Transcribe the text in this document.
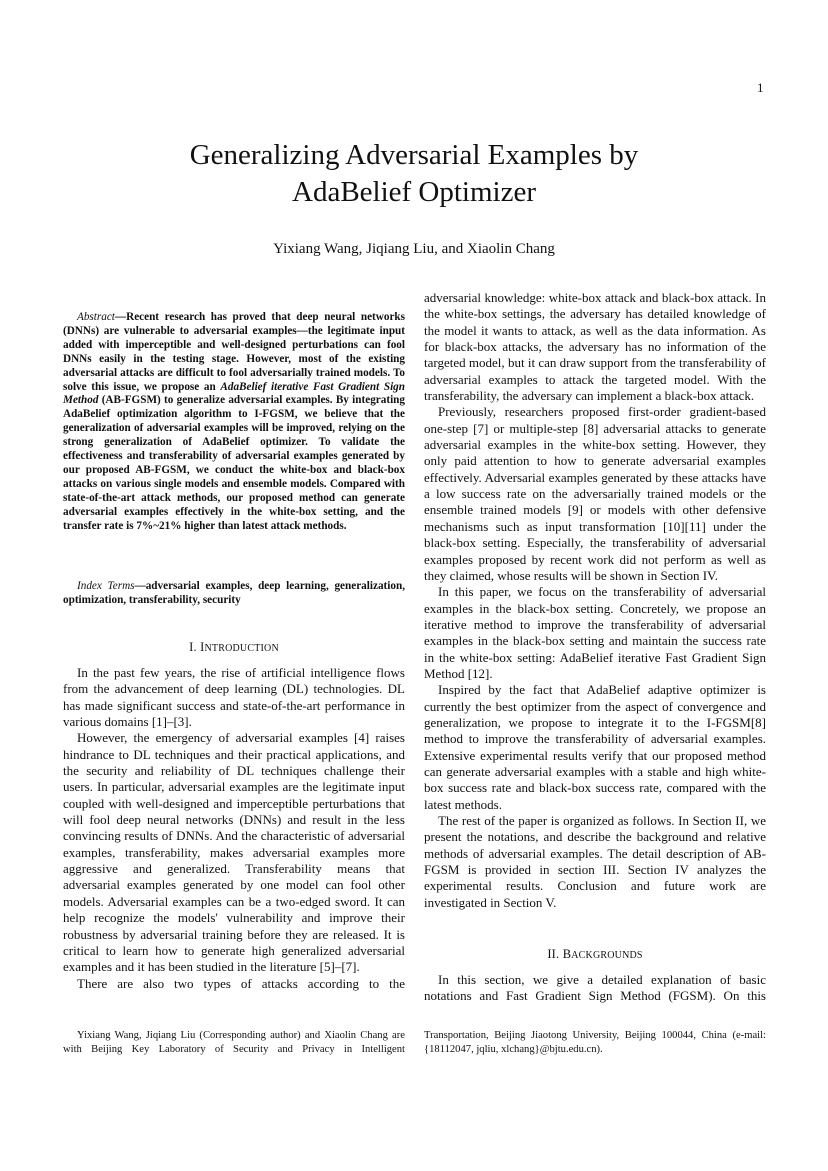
1
Generalizing Adversarial Examples by
AdaBelief Optimizer
Yixiang Wang, Jiqiang Liu, and Xiaolin Chang
Abstract—Recent research has proved that deep neural networks (DNNs) are vulnerable to adversarial examples—the legitimate input added with imperceptible and well-designed perturbations can fool DNNs easily in the testing stage. However, most of the existing adversarial attacks are difficult to fool adversarially trained models. To solve this issue, we propose an AdaBelief iterative Fast Gradient Sign Method (AB-FGSM) to generalize adversarial examples. By integrating AdaBelief optimization algorithm to I-FGSM, we believe that the generalization of adversarial examples will be improved, relying on the strong generalization of AdaBelief optimizer. To validate the effectiveness and transferability of adversarial examples generated by our proposed AB-FGSM, we conduct the white-box and black-box attacks on various single models and ensemble models. Compared with state-of-the-art attack methods, our proposed method can generate adversarial examples effectively in the white-box setting, and the transfer rate is 7%~21% higher than latest attack methods.
Index Terms—adversarial examples, deep learning, generalization, optimization, transferability, security
I. INTRODUCTION

In the past few years, the rise of artificial intelligence flows from the advancement of deep learning (DL) technologies. DL has made significant success and state-of-the-art performance in various domains [1]–[3].

However, the emergency of adversarial examples [4] raises hindrance to DL techniques and their practical applications, and the security and reliability of DL techniques challenge their users. In particular, adversarial examples are the legitimate input coupled with well-designed and imperceptible perturbations that will fool deep neural networks (DNNs) and result in the less convincing results of DNNs. And the characteristic of adversarial examples, transferability, makes adversarial examples more aggressive and generalized. Transferability means that adversarial examples generated by one model can fool other models. Adversarial examples can be a two-edged sword. It can help recognize the models' vulnerability and improve their robustness by adversarial training before they are released. It is critical to learn how to generate high generalized adversarial examples and it has been studied in the literature [5]–[7].

There are also two types of attacks according to the

adversarial knowledge: white-box attack and black-box attack. In the white-box settings, the adversary has detailed knowledge of the model it wants to attack, as well as the data information. As for black-box attacks, the adversary has no information of the targeted model, but it can draw support from the transferability of adversarial examples to attack the targeted model. With the transferability, the adversary can implement a black-box attack.

Previously, researchers proposed first-order gradient-based one-step [7] or multiple-step [8] adversarial attacks to generate adversarial examples in the white-box setting. However, they only paid attention to how to generate adversarial examples effectively. Adversarial examples generated by these attacks have a low success rate on the adversarially trained models or the ensemble trained models [9] or models with other defensive mechanisms such as input transformation [10][11] under the black-box setting. Especially, the transferability of adversarial examples proposed by recent work did not perform as well as they claimed, whose results will be shown in Section IV.

In this paper, we focus on the transferability of adversarial examples in the black-box setting. Concretely, we propose an iterative method to improve the transferability of adversarial examples in the black-box setting and maintain the success rate in the white-box setting: AdaBelief iterative Fast Gradient Sign Method [12].

Inspired by the fact that AdaBelief adaptive optimizer is currently the best optimizer from the aspect of convergence and generalization, we propose to integrate it to the I-FGSM[8] method to improve the transferability of adversarial examples. Extensive experimental results verify that our proposed method can generate adversarial examples with a stable and high white-box success rate and black-box success rate, compared with the latest methods.

The rest of the paper is organized as follows. In Section II, we present the notations, and describe the background and relative methods of adversarial examples. The detail description of AB-FGSM is provided in section III. Section IV analyzes the experimental results. Conclusion and future work are investigated in Section V.

II. BACKGROUNDS

In this section, we give a detailed explanation of basic notations and Fast Gradient Sign Method (FGSM). On this

Yixiang Wang, Jiqiang Liu (Corresponding author) and Xiaolin Chang are with Beijing Key Laboratory of Security and Privacy in Intelligent
Transportation, Beijing Jiaotong University, Beijing 100044, China (e-mail: {18112047, jqliu, xlchang}@bjtu.edu.cn).
